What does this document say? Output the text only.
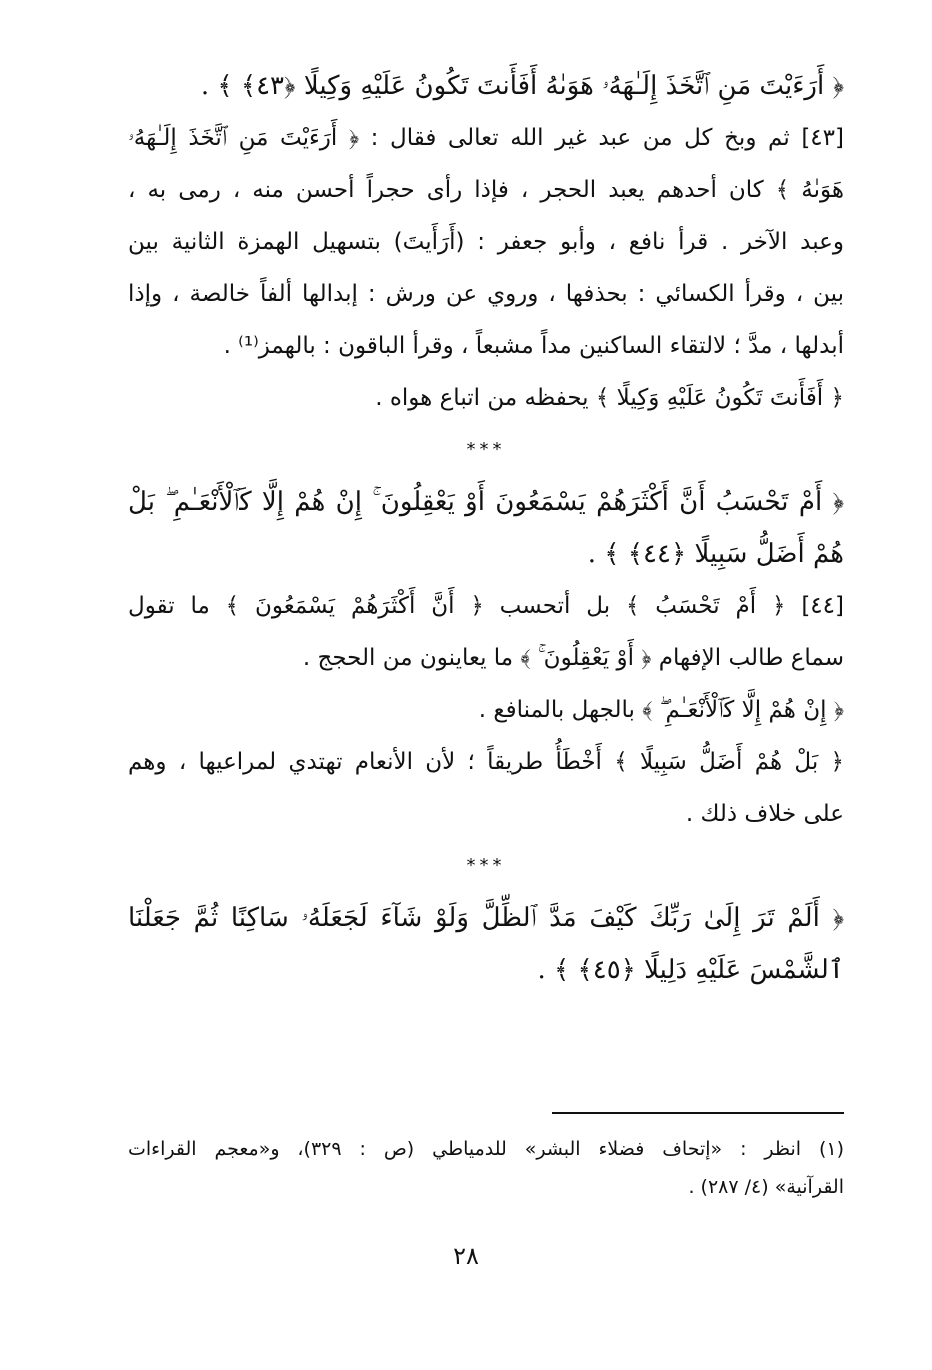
﴿ أَرَءَيْتَ مَنِ ٱتَّخَذَ إِلَـٰهَهُۥ هَوَىٰهُ أَفَأَنتَ تَكُونُ عَلَيْهِ وَكِيلًا ﴿٤٣﴾ ﴾ .
[٤٣] ثم وبخ كل من عبد غير الله تعالى فقال : ﴿ أَرَءَيْتَ مَنِ ٱتَّخَذَ إِلَـٰهَهُۥ
هَوَىٰهُ ﴾ كان أحدهم يعبد الحجر ، فإذا رأى حجراً أحسن منه ، رمى به ،
وعبد الآخر . قرأ نافع ، وأبو جعفر : (أَرَأَيتَ) بتسهيل الهمزة الثانية بين
بين ، وقرأ الكسائي : بحذفها ، وروي عن ورش : إبدالها ألفاً خالصة ، وإذا
أبدلها ، مدَّ ؛ لالتقاء الساكنين مداً مشبعاً ، وقرأ الباقون : بالهمز⁽¹⁾ .
﴿ أَفَأَنتَ تَكُونُ عَلَيْهِ وَكِيلًا ﴾ يحفظه من اتباع هواه .
***
﴿ أَمْ تَحْسَبُ أَنَّ أَكْثَرَهُمْ يَسْمَعُونَ أَوْ يَعْقِلُونَ ۚ إِنْ هُمْ إِلَّا كَٱلْأَنْعَـٰمِ ۖ بَلْ
هُمْ أَضَلُّ سَبِيلًا ﴿٤٤﴾ ﴾ .
[٤٤] ﴿ أَمْ تَحْسَبُ ﴾ بل أتحسب ﴿ أَنَّ أَكْثَرَهُمْ يَسْمَعُونَ ﴾ ما تقول
سماع طالب الإفهام ﴿ أَوْ يَعْقِلُونَ ۚ ﴾ ما يعاينون من الحجج .
﴿ إِنْ هُمْ إِلَّا كَٱلْأَنْعَـٰمِ ۖ ﴾ بالجهل بالمنافع .
﴿ بَلْ هُمْ أَضَلُّ سَبِيلًا ﴾ أَخْطَأُ طريقاً ؛ لأن الأنعام تهتدي لمراعيها ، وهم
على خلاف ذلك .
***
﴿ أَلَمْ تَرَ إِلَىٰ رَبِّكَ كَيْفَ مَدَّ ٱلظِّلَّ وَلَوْ شَآءَ لَجَعَلَهُۥ سَاكِنًا ثُمَّ جَعَلْنَا
ٱلشَّمْسَ عَلَيْهِ دَلِيلًا ﴿٤٥﴾ ﴾ .
(١) انظر : «إتحاف فضلاء البشر» للدمياطي (ص : ٣٢٩)، و«معجم القراءات
القرآنية» (٤/ ٢٨٧) .
٢٨
